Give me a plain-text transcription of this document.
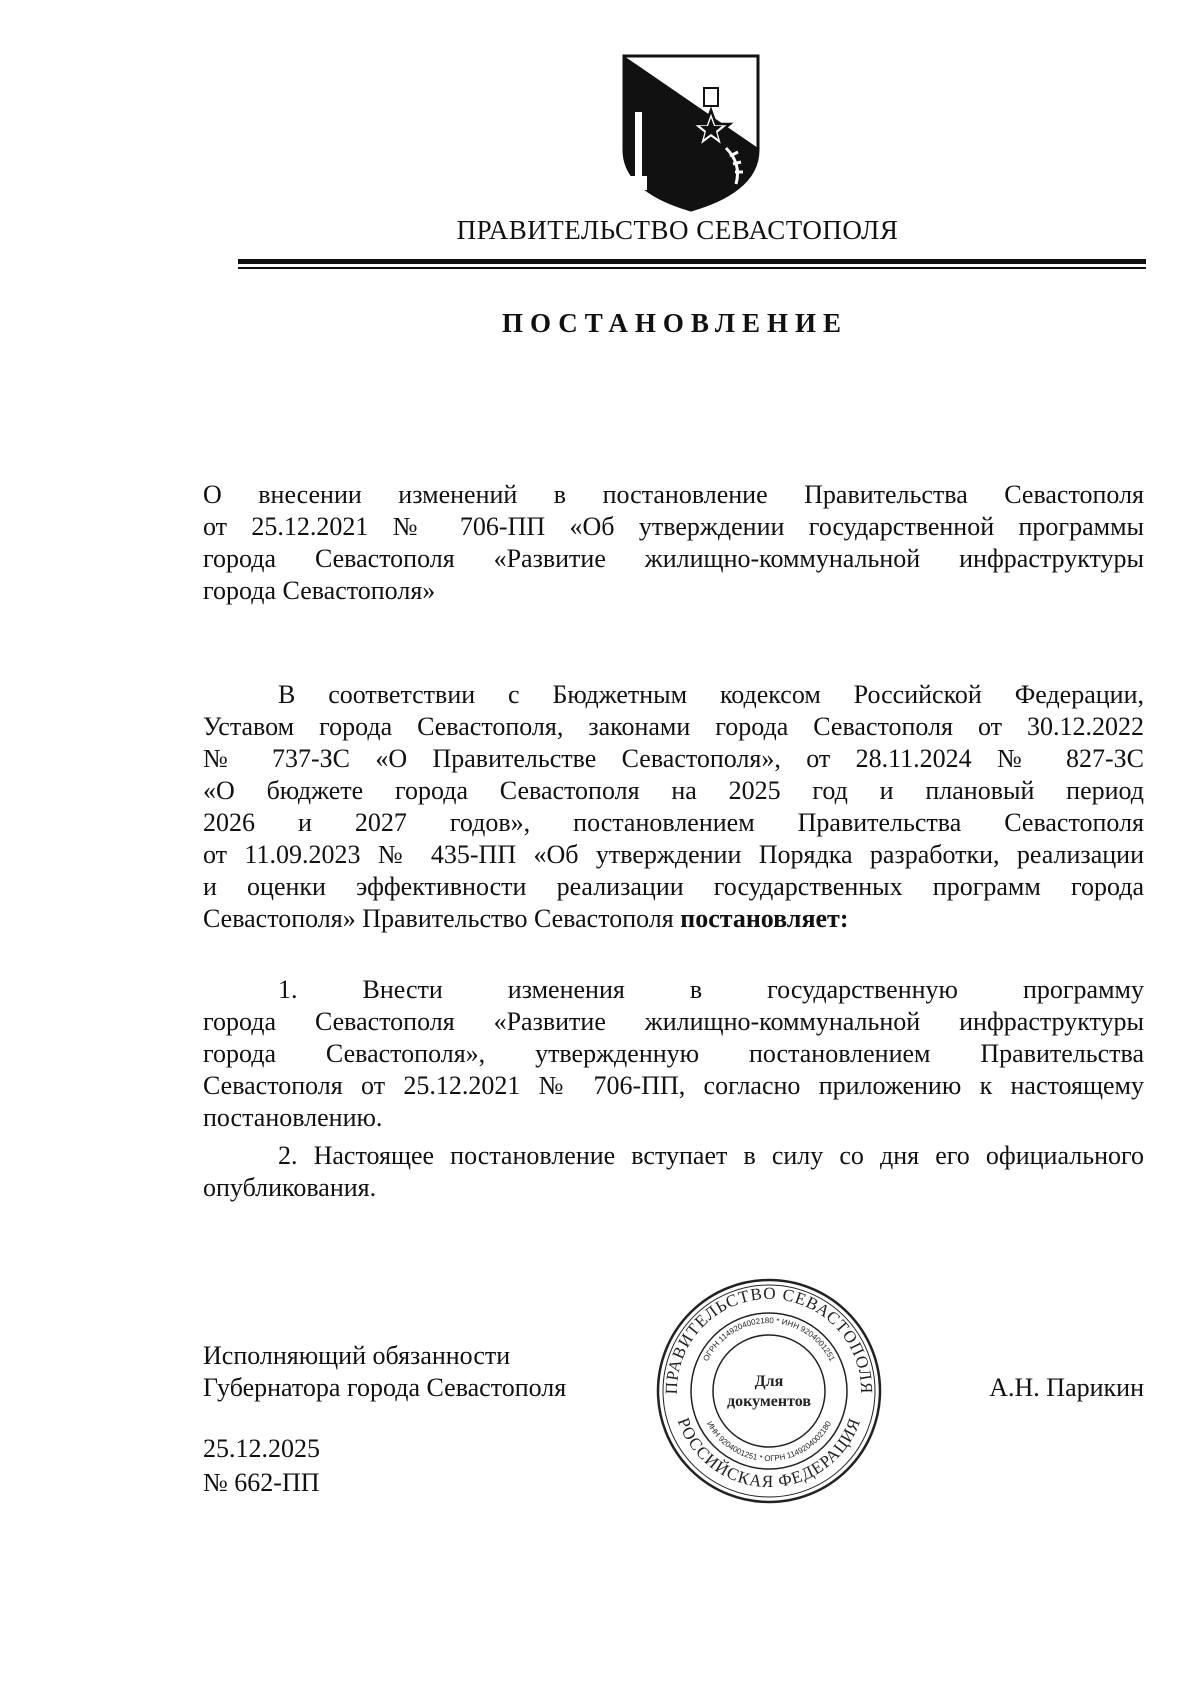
ПРАВИТЕЛЬСТВО СЕВАСТОПОЛЯ
ПОСТАНОВЛЕНИЕ
О внесении изменений в постановление Правительства Севастополя
от 25.12.2021 № 706-ПП «Об утверждении государственной программы
города Севастополя «Развитие жилищно-коммунальной инфраструктуры
города Севастополя»
В соответствии с Бюджетным кодексом Российской Федерации,
Уставом города Севастополя, законами города Севастополя от 30.12.2022
№ 737-ЗС «О Правительстве Севастополя», от 28.11.2024 № 827-ЗС
«О бюджете города Севастополя на 2025 год и плановый период
2026 и 2027 годов», постановлением Правительства Севастополя
от 11.09.2023 № 435-ПП «Об утверждении Порядка разработки, реализации
и оценки эффективности реализации государственных программ города
Севастополя» Правительство Севастополя постановляет:
1. Внести изменения в государственную программу
города Севастополя «Развитие жилищно-коммунальной инфраструктуры
города Севастополя», утвержденную постановлением Правительства
Севастополя от 25.12.2021 № 706-ПП, согласно приложению к настоящему
постановлению.
2. Настоящее постановление вступает в силу со дня его официального
опубликования.
Исполняющий обязанности
Губернатора города Севастополя	ПРАВИТЕЛЬСТВО СЕВАСТОПОЛЯ
РОССИЙСКАЯ ФЕДЕРАЦИЯ
ОГРН 1149204002180 * ИНН 9204001251
ИНН 9204001251 * ОГРН 1149204002180
Для
документов	А.Н. Парикин
25.12.2025
№ 662-ПП
